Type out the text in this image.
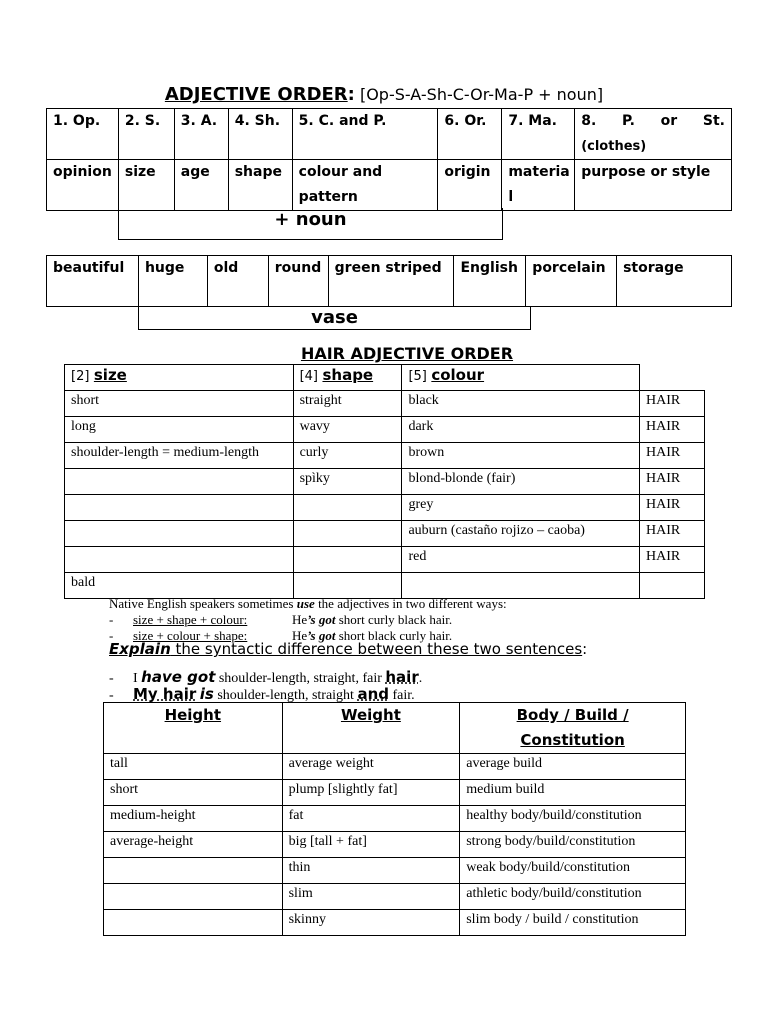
ADJECTIVE ORDER: [Op-S-A-Sh-C-Or-Ma-P + noun]
1. Op.	2. S.	3. A.	4. Sh.	5. C. and P.	6. Or.	7. Ma.	8. P. or St.
(clothes)

opinion	size	age	shape	colour and pattern	origin	material	purpose or style
+ noun
beautiful	huge	old	round	green striped	English	porcelain	storage
vase
HAIR ADJECTIVE ORDER
[2] size	[4] shape	[5] colour	
short	straight	black	HAIR
long	wavy	dark	HAIR
shoulder-length = medium-length	curly	brown	HAIR
	spìky	blond-blonde (fair)	HAIR
		grey	HAIR
		auburn (castaño rojizo – caoba)	HAIR
		red	HAIR
bald			
Native English speakers sometimes use the adjectives in two different ways:
- size + shape + colour:	He’s got short curly black hair.
- size + colour + shape:	He’s got short black curly hair.
Explain the syntactic difference between these two sentences:
- I have got shoulder-length, straight, fair hair.
- My hair is shoulder-length, straight and fair.
Height	Weight	Body / Build / Constitution
tall	average weight	average build
short	plump [slightly fat]	medium build
medium-height	fat	healthy body/build/constitution
average-height	big [tall + fat]	strong body/build/constitution
	thin	weak body/build/constitution
	slim	athletic body/build/constitution
	skinny	slim body / build / constitution
